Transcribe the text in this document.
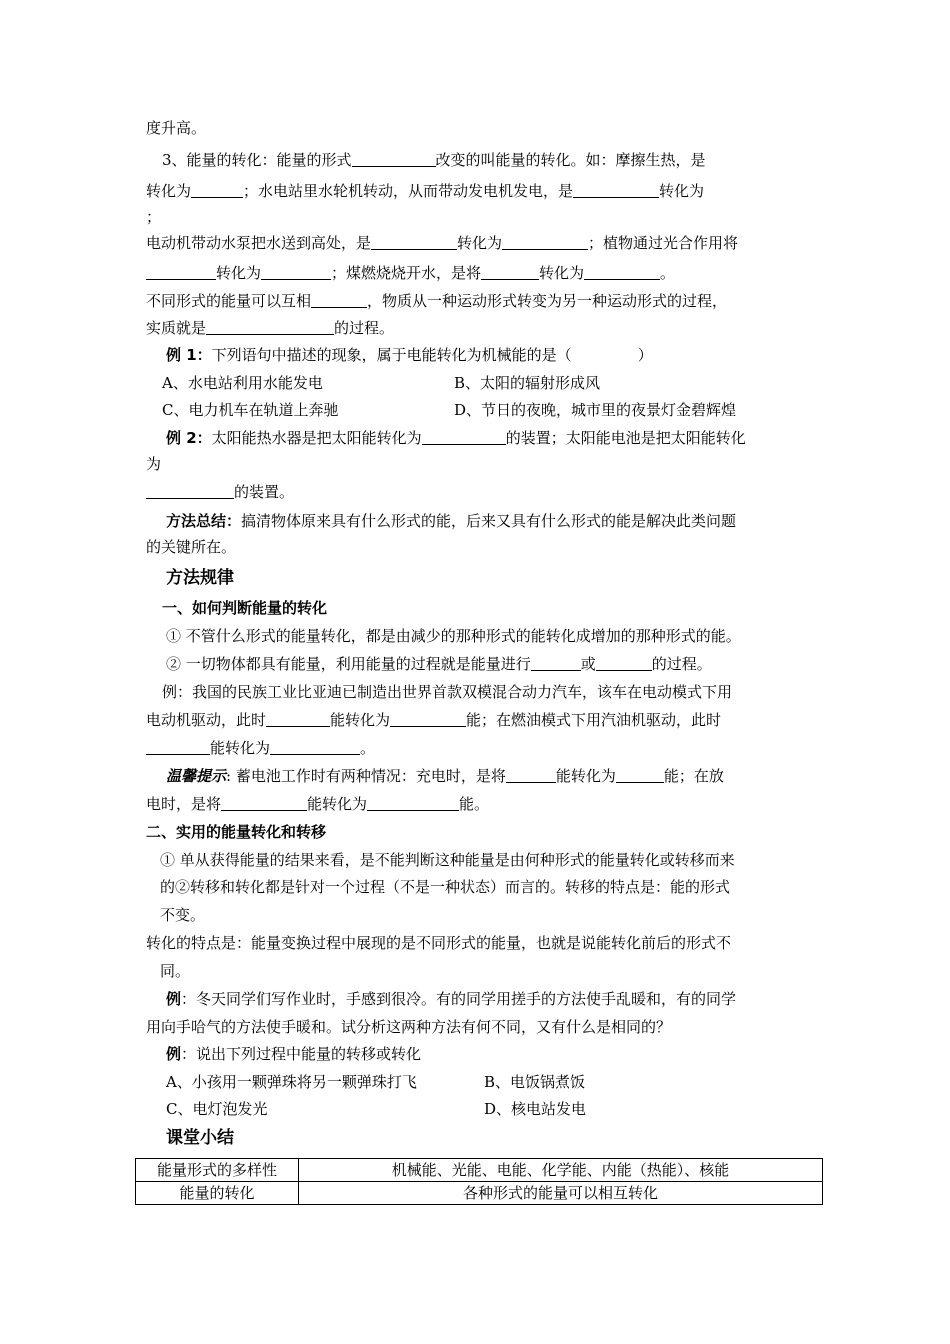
度升高。
3、能量的转化：能量的形式	改变的叫能量的转化。如：摩擦生热，是
转化为	；水电站里水轮机转动，从而带动发电机发电，是	转化为
；
电动机带动水泵把水送到高处，是	转化为	；植物通过光合作用将
转化为	；煤燃烧烧开水，是将	转化为	。
不同形式的能量可以互相	，物质从一种运动形式转变为另一种运动形式的过程，
实质就是	的过程。
例 1：下列语句中描述的现象，属于电能转化为机械能的是（	）
A、水电站利用水能发电	B、太阳的辐射形成风
C、电力机车在轨道上奔驰	D、节日的夜晚，城市里的夜景灯金碧辉煌
例 2：太阳能热水器是把太阳能转化为	的装置；太阳能电池是把太阳能转化
为
的装置。
方法总结：搞清物体原来具有什么形式的能，后来又具有什么形式的能是解决此类问题
的关键所在。
方法规律
一、如何判断能量的转化
① 不管什么形式的能量转化，都是由减少的那种形式的能转化成增加的那种形式的能。
② 一切物体都具有能量，利用能量的过程就是能量进行	或	的过程。
例：我国的民族工业比亚迪已制造出世界首款双模混合动力汽车，该车在电动模式下用
电动机驱动，此时	能转化为	能；在燃油模式下用汽油机驱动，此时
能转化为	。
温馨提示: 蓄电池工作时有两种情况：充电时，是将	能转化为	能；在放
电时，是将	能转化为	能。
二、实用的能量转化和转移
① 单从获得能量的结果来看，是不能判断这种能量是由何种形式的能量转化或转移而来
的②转移和转化都是针对一个过程（不是一种状态）而言的。转移的特点是：能的形式
不变。
转化的特点是：能量变换过程中展现的是不同形式的能量，也就是说能转化前后的形式不
同。
例：冬天同学们写作业时，手感到很冷。有的同学用搓手的方法使手乱暖和，有的同学
用向手哈气的方法使手暖和。试分析这两种方法有何不同，又有什么是相同的？
例：说出下列过程中能量的转移或转化
A、小孩用一颗弹珠将另一颗弹珠打飞	B、电饭锅煮饭
C、电灯泡发光	D、核电站发电
课堂小结
能量形式的多样性	机械能、光能、电能、化学能、内能（热能）、核能
能量的转化	各种形式的能量可以相互转化
